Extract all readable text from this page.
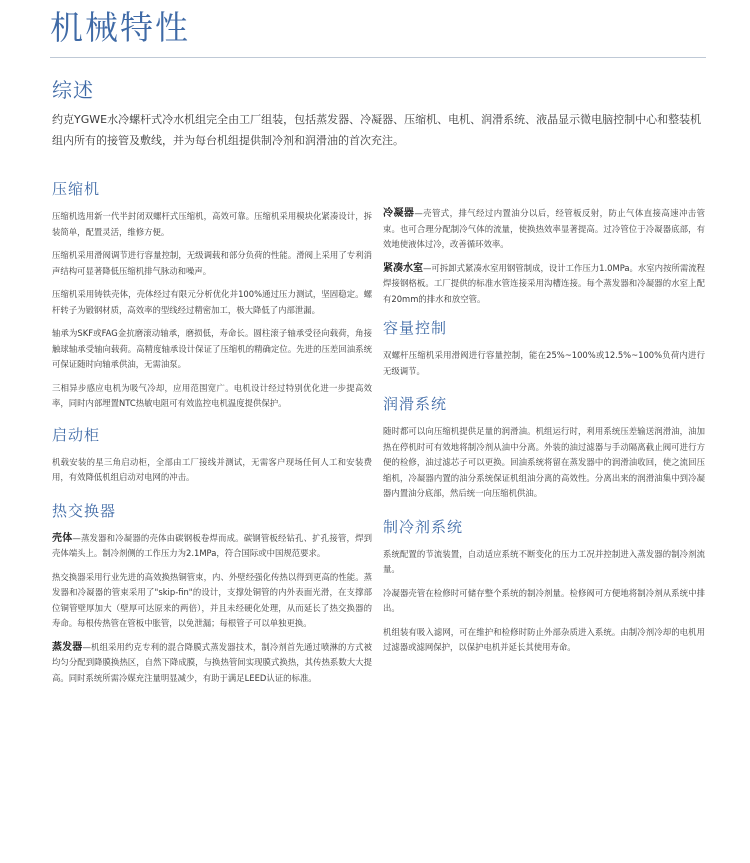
机械特性
综述

约克YGWE水冷螺杆式冷水机组完全由工厂组装，包括蒸发器、冷凝器、压缩机、电机、润滑系统、液晶显示微电脑控制中心和整装机组内所有的接管及敷线，并为每台机组提供制冷剂和润滑油的首次充注。

压缩机

压缩机选用新一代半封闭双螺杆式压缩机，高效可靠。压缩机采用模块化紧凑设计，拆装简单，配置灵活，维修方便。

压缩机采用滑阀调节进行容量控制，无级调载和部分负荷的性能。滑阀上采用了专利消声结构可显著降低压缩机排气脉动和噪声。

压缩机采用铸铁壳体，壳体经过有限元分析优化并100%通过压力测试，坚固稳定。螺杆转子为锻钢材质，高效率的型线经过精密加工，极大降低了内部泄漏。

轴承为SKF或FAG金抗磨滚动轴承，磨损低，寿命长。圆柱滚子轴承受径向载荷，角接触球轴承受轴向载荷。高精度轴承设计保证了压缩机的精确定位。先进的压差回油系统可保证随时向轴承供油，无需油泵。

三相异步感应电机为吸气冷却，应用范围宽广。电机设计经过特别优化进一步提高效率，同时内部埋置NTC热敏电阻可有效监控电机温度提供保护。

启动柜

机载安装的星三角启动柜，全部由工厂接线并测试，无需客户现场任何人工和安装费用，有效降低机组启动对电网的冲击。

热交换器

壳体—蒸发器和冷凝器的壳体由碳钢板卷焊而成。碳钢管板经钻孔、扩孔接管，焊到壳体端头上。制冷剂侧的工作压力为2.1MPa，符合国际或中国规范要求。

热交换器采用行业先进的高效换热铜管束，内、外壁经强化传热以得到更高的性能。蒸发器和冷凝器的管束采用了"skip-fin"的设计，支撑处铜管的内外表面光滑，在支撑部位铜管壁厚加大（壁厚可达原来的两倍），并且未经硬化处理，从而延长了热交换器的寿命。每根传热管在管板中胀管，以免泄漏；每根管子可以单独更换。

蒸发器—机组采用约克专利的混合降膜式蒸发器技术，制冷剂首先通过喷淋的方式被均匀分配到降膜换热区，自然下降成膜，与换热管间实现膜式换热，其传热系数大大提高。同时系统所需冷媒充注量明显减少，有助于满足LEED认证的标准。

冷凝器—壳管式，排气经过内置油分以后，经管板反射，防止气体直接高速冲击管束。也可合理分配制冷气体的流量，使换热效率显著提高。过冷管位于冷凝器底部，有效地使液体过冷，改善循环效率。

紧凑水室—可拆卸式紧凑水室用钢管制成，设计工作压力1.0MPa。水室内按所需流程焊接钢格板。工厂提供的标准水管连接采用沟槽连接。每个蒸发器和冷凝器的水室上配有20mm的排水和放空管。

容量控制

双螺杆压缩机采用滑阀进行容量控制，能在25%~100%或12.5%~100%负荷内进行无级调节。

润滑系统

随时都可以向压缩机提供足量的润滑油。机组运行时，利用系统压差输送润滑油，油加热在停机时可有效地将制冷剂从油中分离。外装的油过滤器与手动隔离截止阀可进行方便的检修，油过滤芯子可以更换。回油系统将留在蒸发器中的润滑油收回，使之流回压缩机，冷凝器内置的油分系统保证机组油分离的高效性。分离出来的润滑油集中到冷凝器内置油分底部，然后统一向压缩机供油。

制冷剂系统

系统配置的节流装置，自动适应系统不断变化的压力工况并控制进入蒸发器的制冷剂流量。

冷凝器壳管在检修时可储存整个系统的制冷剂量。检修阀可方便地将制冷剂从系统中排出。

机组装有吸入滤网，可在维护和检修时防止外部杂质进入系统。由制冷剂冷却的电机用过滤器或滤网保护，以保护电机并延长其使用寿命。
